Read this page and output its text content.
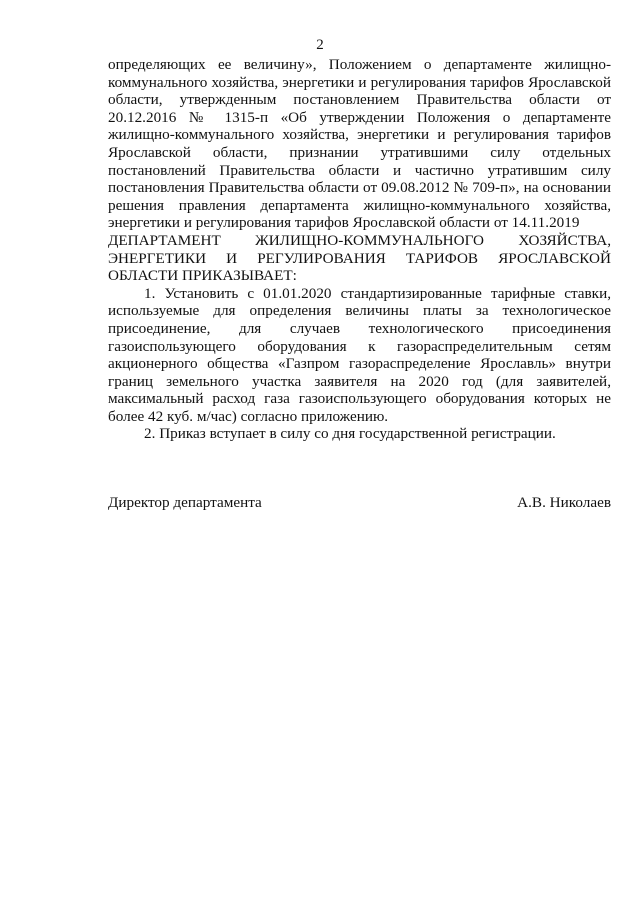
2

определяющих ее величину», Положением о департаменте жилищно-коммунального хозяйства, энергетики и регулирования тарифов Ярославской области, утвержденным постановлением Правительства области от 20.12.2016 № 1315-п «Об утверждении Положения о департаменте жилищно-коммунального хозяйства, энергетики и регулирования тарифов Ярославской области, признании утратившими силу отдельных постановлений Правительства области и частично утратившим силу постановления Правительства области от 09.08.2012 № 709-п», на основании решения правления департамента жилищно-коммунального хозяйства, энергетики и регулирования тарифов Ярославской области от 14.11.2019

ДЕПАРТАМЕНТ ЖИЛИЩНО-КОММУНАЛЬНОГО ХОЗЯЙСТВА, ЭНЕРГЕТИКИ И РЕГУЛИРОВАНИЯ ТАРИФОВ ЯРОСЛАВСКОЙ ОБЛАСТИ ПРИКАЗЫВАЕТ:

1. Установить с 01.01.2020 стандартизированные тарифные ставки, используемые для определения величины платы за технологическое присоединение, для случаев технологического присоединения газоиспользующего оборудования к газораспределительным сетям акционерного общества «Газпром газораспределение Ярославль» внутри границ земельного участка заявителя на 2020 год (для заявителей, максимальный расход газа газоиспользующего оборудования которых не более 42 куб. м/час) согласно приложению.

2. Приказ вступает в силу со дня государственной регистрации.

Директор департамента	А.В. Николаев
